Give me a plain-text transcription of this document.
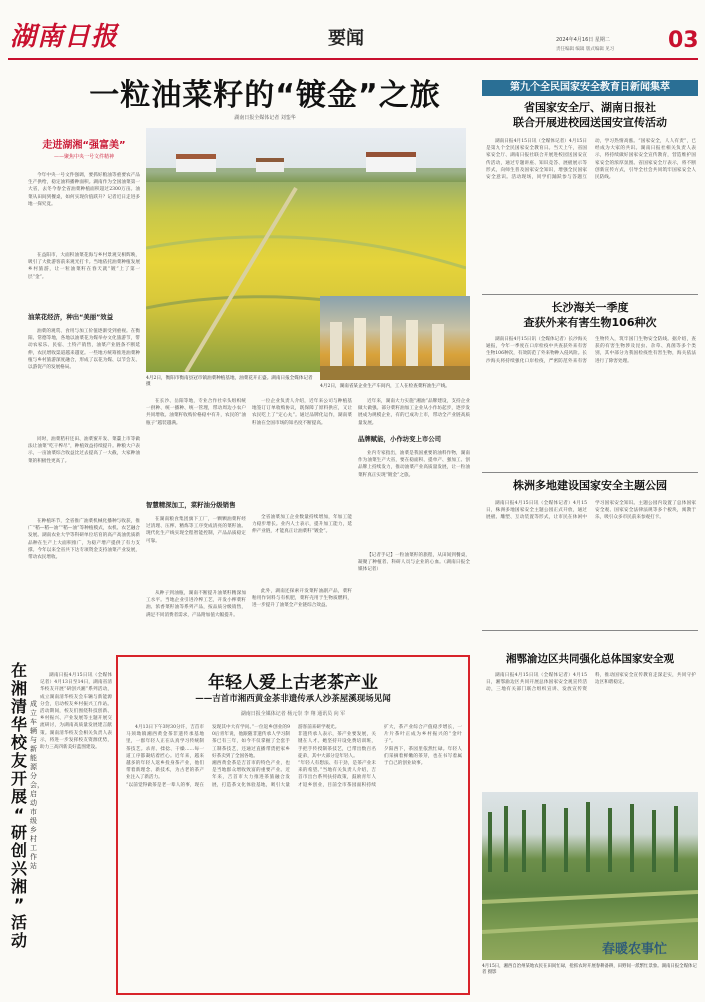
湖南日报	要闻	2024年4月16日 星期二
责任编辑 编辑 版式编辑 见习 03
一粒油菜籽的“镀金”之旅
湖南日报全媒体记者 刘銮华
走进湖湘“强富美”
——聚焦中央一号文件精神
4月2日，衡阳市衡南县冠市镇油菜种植基地，油菜花开正盛。湖南日报全媒体记者 摄	4月2日，湖南省某企业生产车间内，工人在检查菜籽油生产线。
今年中央一号文件强调，要抓好粮油等重要农产品生产供给，稳定油料播种面积。湖南作为全国油菜第一大省，去冬今春全省油菜种植面积超过2300万亩。油菜从田间到餐桌，如何实现价值跃升？记者近日走进多地一探究竟。
在益阳市，大面积油菜花海与乡村景观交相辉映，吸引了大批游客前来观光打卡。当地依托油菜种植发展乡村旅游，让一粒油菜籽在春天就“镀”上了第一层“金”。
油菜花经济，种出“美丽”效益
油菜的观赏、食用与加工价值逐渐受到重视。在衡阳、常德等地，各地以油菜花为媒举办文化旅游节，带动农家乐、民宿、土特产销售，油菜产业链条不断延伸，农民增收渠道越来越宽。一些地方统筹推进油菜种植与乡村旅游深度融合，形成了以花为媒、以节会友、以游促产的发展格局。
同时，油菜秸秆还田、油菜蜜开发、菜薹上市等做法让油菜“吃干榨尽”，种植效益持续提升。种粮大户表示，一亩油菜综合收益比过去提高了一大截，大家种油菜的积极性更高了。
在种植环节，全省推广油菜机械化播种与收获，推广“稻—稻—油”“稻—油”等种植模式，农机、农艺融合发展。湖南农业大学等科研单位培育的高产高油优质新品种在生产上大面积推广，为稳产增产提供了有力支撑。今年以来全省共下达专项资金支持油菜产业发展，带动农民增收。
在长沙、岳阳等地，专业合作社牵头组织统一供种、统一播种、统一管理，带动周边小农户共同增收。油菜籽收购价格稳中有升，农民的“油瓶子”越装越满。
智慧精深加工，菜籽油分级销售
在湖南粮食集团旗下工厂，一颗颗油菜籽经过清理、压榨、精炼等工序变成清亮的菜籽油。现代化生产线实现全程智能控制，产品品质稳定可靠。
从种子到油瓶，湖南不断提升油菜籽精深加工水平。当地企业引进冷榨工艺，开发小榨菜籽油、浓香菜籽油等系列产品，按品质分级销售，满足不同消费者需求，产品附加值大幅提升。
一位企业负责人介绍，近年来公司与种植基地签订订单收购协议，既保障了原料供应，又让农民吃上了“定心丸”。通过品牌化运作，湖南菜籽油在全国市场的知名度不断提高。
全省油菜加工企业数量持续增加，年加工能力稳步增长。业内人士表示，提升加工能力，延伸产业链，才能真正让油菜籽“镀金”。
此外，湖南还探索开发菜籽油副产品，菜籽粕用作饲料与有机肥，菜籽壳用于生物质燃料，进一步提升了油菜全产业链综合效益。
品牌赋能，小作坊变上市公司
近年来，湖南大力实施“湘油”品牌建设，支持企业做大做强。部分菜籽油加工企业从小作坊起步，逐步发展成为规模企业，有的已成功上市，带动全产业链高质量发展。
业内专家指出，油菜是我国重要的油料作物，湖南作为油菜生产大省，要在稳面积、提单产、强加工、创品牌上持续发力，推动油菜产业高质量发展，让一粒油菜籽真正实现“镀金”之旅。
【记者手记】一粒油菜籽的旅程，从田间到餐桌，凝聚了种植者、科研人员与企业的心血。（湖南日报全媒体记者）
湖南日报4月15日讯（全媒体记者）4月13日至14日，湖南省清华校友开展“研创兴湘”系列活动，成立湖南清华校友会车辆与新能源分会，启动校友乡村振兴工作站。活动期间，校友们围绕科技创新、乡村振兴、产业发展等主题开展交流研讨，为湖南高质量发展建言献策。湖南清华校友会相关负责人表示，将进一步发挥校友资源优势，助力三高四新美好蓝图建设。
在
湘
清
华
校
友
开
展
“
研
创
兴
湘
”
活
动
成立车辆与新能源分会，启动市级乡村工作站
年轻人爱上古老茶产业
——吉首市湘西黄金茶非遗传承人沙茶屋溪现场见闻
湖南日报全媒体记者 杨元崇 李 翔 通讯员 向 军
4月13日下午3时30分许，吉首市马颈坳镇湘西黄金茶非遗传承基地里，一群年轻人正在认真学习传统制茶技艺。杀青、揉捻、干燥……每一道工序都凝结着匠心。近年来，越来越多的年轻人返乡投身茶产业，他们带着新理念、新技术，为古老的茶产业注入了新活力。
“以前觉得做茶是老一辈人的事，现在发现其中大有学问。”一位返乡创业的90后青年说，他跟随非遗传承人学习制茶已有三年，如今不仅掌握了全套手工制茶技艺，还通过直播带货把家乡好茶卖到了全国各地。
湘西黄金茶是吉首市的特色产业，也是当地群众增收致富的重要产业。近年来，吉首市大力推进茶旅融合发展，打造茶文化体验基地，吸引大量游客前来研学观光。
非遗传承人表示，茶产业要发展，关键在人才。她坚持开设免费培训班，手把手传授制茶技艺，已带出数百名徒弟，其中大部分是年轻人。
“年轻人有想法、有干劲，是茶产业未来的希望。”当地有关负责人介绍，吉首市出台系列扶持政策，鼓励青年人才返乡创业，目前全市茶园面积持续扩大，茶产业综合产值稳步增长，一片片茶叶正成为乡村振兴的“金叶子”。
夕阳西下，茶园里依然忙碌。年轻人们采摘着鲜嫩的茶芽，也在书写着属于自己的创业故事。
第九个全民国家安全教育日新闻集萃
省国家安全厅、湖南日报社
联合开展进校园送国安宣传活动
湖南日报4月15日讯（全媒体记者）4月15日是第九个全民国家安全教育日。当天上午，省国家安全厅、湖南日报社联合开展进校园送国安宣传活动，通过专题讲座、知识竞答、展板展示等形式，向师生普及国家安全知识，增强全民国家安全意识。活动现场，同学们踊跃参与答题互动，学习热情高涨。“国家安全，人人有责”，已经成为大家的共识。湖南日报社相关负责人表示，将持续做好国家安全宣传教育，营造维护国家安全的浓厚氛围。省国家安全厅表示，将不断创新宣传方式，引导全社会共同筑牢国家安全人民防线。
长沙海关一季度
查获外来有害生物106种次
湖南日报4月15日讯（全媒体记者）长沙海关通报，今年一季度在口岸检疫中共查获外来有害生物106种次，有效防范了外来物种入侵风险。长沙海关将持续强化口岸检疫，严密防范外来有害生物传入，筑牢国门生物安全防线。据介绍，查获的有害生物涉及昆虫、杂草、真菌等多个类别，其中部分为我国检疫性有害生物，海关依法进行了除害处理。
株洲多地建设国家安全主题公园
湖南日报4月15日讯（全媒体记者）4月15日，株洲多地国家安全主题公园正式开放，通过展板、雕塑、互动装置等形式，让市民在休闲中学习国家安全知识。主题公园内设置了总体国家安全观、国家安全法律法规等多个板块，寓教于乐，吸引众多市民前来参观打卡。
湘鄂渝边区共同强化总体国家安全观
湖南日报4月15日讯（全媒体记者）4月15日，湘鄂渝边区共同开展总体国家安全观宣传活动，三地有关部门联合组织宣讲、发放宣传资料，推动国家安全宣传教育走深走实，共同守护边区和谐稳定。
春暖农事忙
4月15日，湘西自治州某地农民在田间忙碌，抢抓农时开展春耕备耕，田野间一派繁忙景象。湖南日报全媒体记者 摄影
